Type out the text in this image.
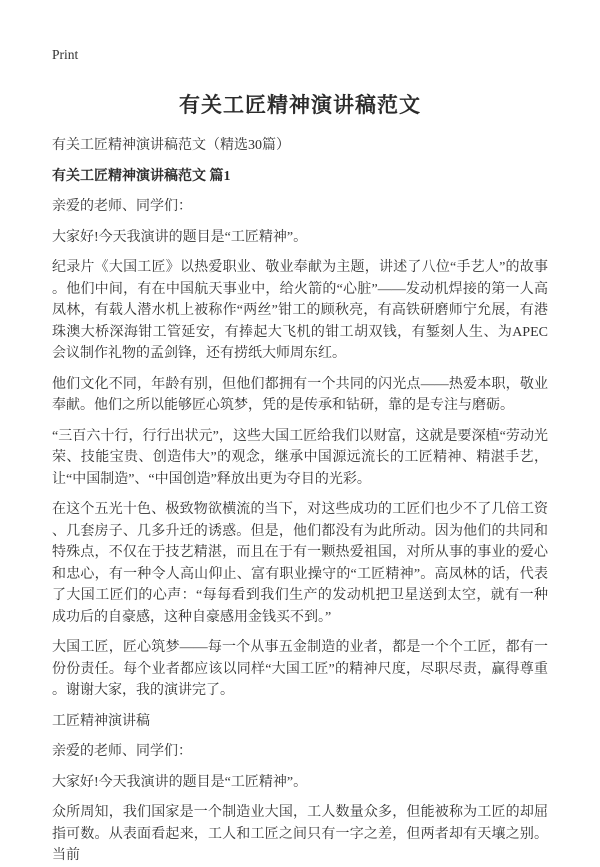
Print
有关工匠精神演讲稿范文
有关工匠精神演讲稿范文（精选30篇）
有关工匠精神演讲稿范文 篇1
亲爱的老师、同学们：
大家好!今天我演讲的题目是“工匠精神”。
纪录片《大国工匠》以热爱职业、敬业奉献为主题，讲述了八位“手艺人”的故事。他们中间，有在中国航天事业中，给火箭的“心脏”——发动机焊接的第一人高凤林，有载人潜水机上被称作“两丝”钳工的顾秋亮，有高铁研磨师宁允展，有港珠澳大桥深海钳工管延安，有捧起大飞机的钳工胡双钱，有錾刻人生、为APEC会议制作礼物的孟剑锋，还有捞纸大师周东红。
他们文化不同，年龄有别，但他们都拥有一个共同的闪光点——热爱本职，敬业奉献。他们之所以能够匠心筑梦，凭的是传承和钻研，靠的是专注与磨砺。
“三百六十行，行行出状元”，这些大国工匠给我们以财富，这就是要深植“劳动光荣、技能宝贵、创造伟大”的观念，继承中国源远流长的工匠精神、精湛手艺，让“中国制造”、“中国创造”释放出更为夺目的光彩。
在这个五光十色、极致物欲横流的当下，对这些成功的工匠们也少不了几倍工资、几套房子、几多升迁的诱惑。但是，他们都没有为此所动。因为他们的共同和特殊点，不仅在于技艺精湛，而且在于有一颗热爱祖国，对所从事的事业的爱心和忠心，有一种令人高山仰止、富有职业操守的“工匠精神”。高凤林的话，代表了大国工匠们的心声：“每每看到我们生产的发动机把卫星送到太空，就有一种成功后的自豪感，这种自豪感用金钱买不到。”
大国工匠，匠心筑梦——每一个从事五金制造的业者，都是一个个工匠，都有一份份责任。每个业者都应该以同样“大国工匠”的精神尺度，尽职尽责，赢得尊重。谢谢大家，我的演讲完了。
工匠精神演讲稿
亲爱的老师、同学们：
大家好!今天我演讲的题目是“工匠精神”。
众所周知，我们国家是一个制造业大国，工人数量众多，但能被称为工匠的却屈指可数。从表面看起来，工人和工匠之间只有一字之差，但两者却有天壤之别。当前
